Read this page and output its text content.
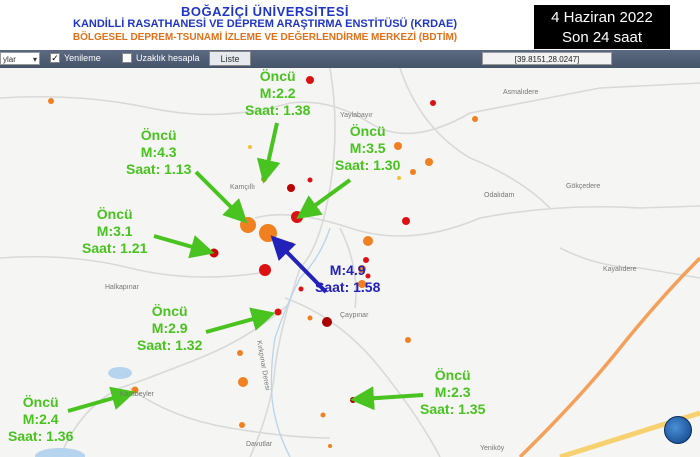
BOĞAZİÇİ ÜNİVERSİTESİ
KANDİLLİ RASATHANESİ VE DEPREM ARAŞTIRMA ENSTİTÜSÜ (KRDAE)
BÖLGESEL DEPREM-TSUNAMİ İZLEME VE DEĞERLENDİRME MERKEZİ (BDTİM)
4 Haziran 2022
Son 24 saat
ylar ▾ ✓ Yenileme	Uzaklık hesapla	Liste	[39.8151,28.0247]
Asmalıdere
Yaylabayır
Kamçıllı	Gökçedere
Odalıdam
Halkapınar
Çaypınar
Kayalıdere
Karabeyler
Kırkpınar Deresi
Davutlar
Yeniköy
Öncü
M:2.2
Saat: 1.38
Öncü
M:4.3
Saat: 1.13
Öncü
M:3.5
Saat: 1.30
Öncü
M:3.1
Saat: 1.21
M:4.9
Saat: 1.58
Öncü
M:2.9
Saat: 1.32
Öncü
M:2.3
Saat: 1.35
Öncü
M:2.4
Saat: 1.36
